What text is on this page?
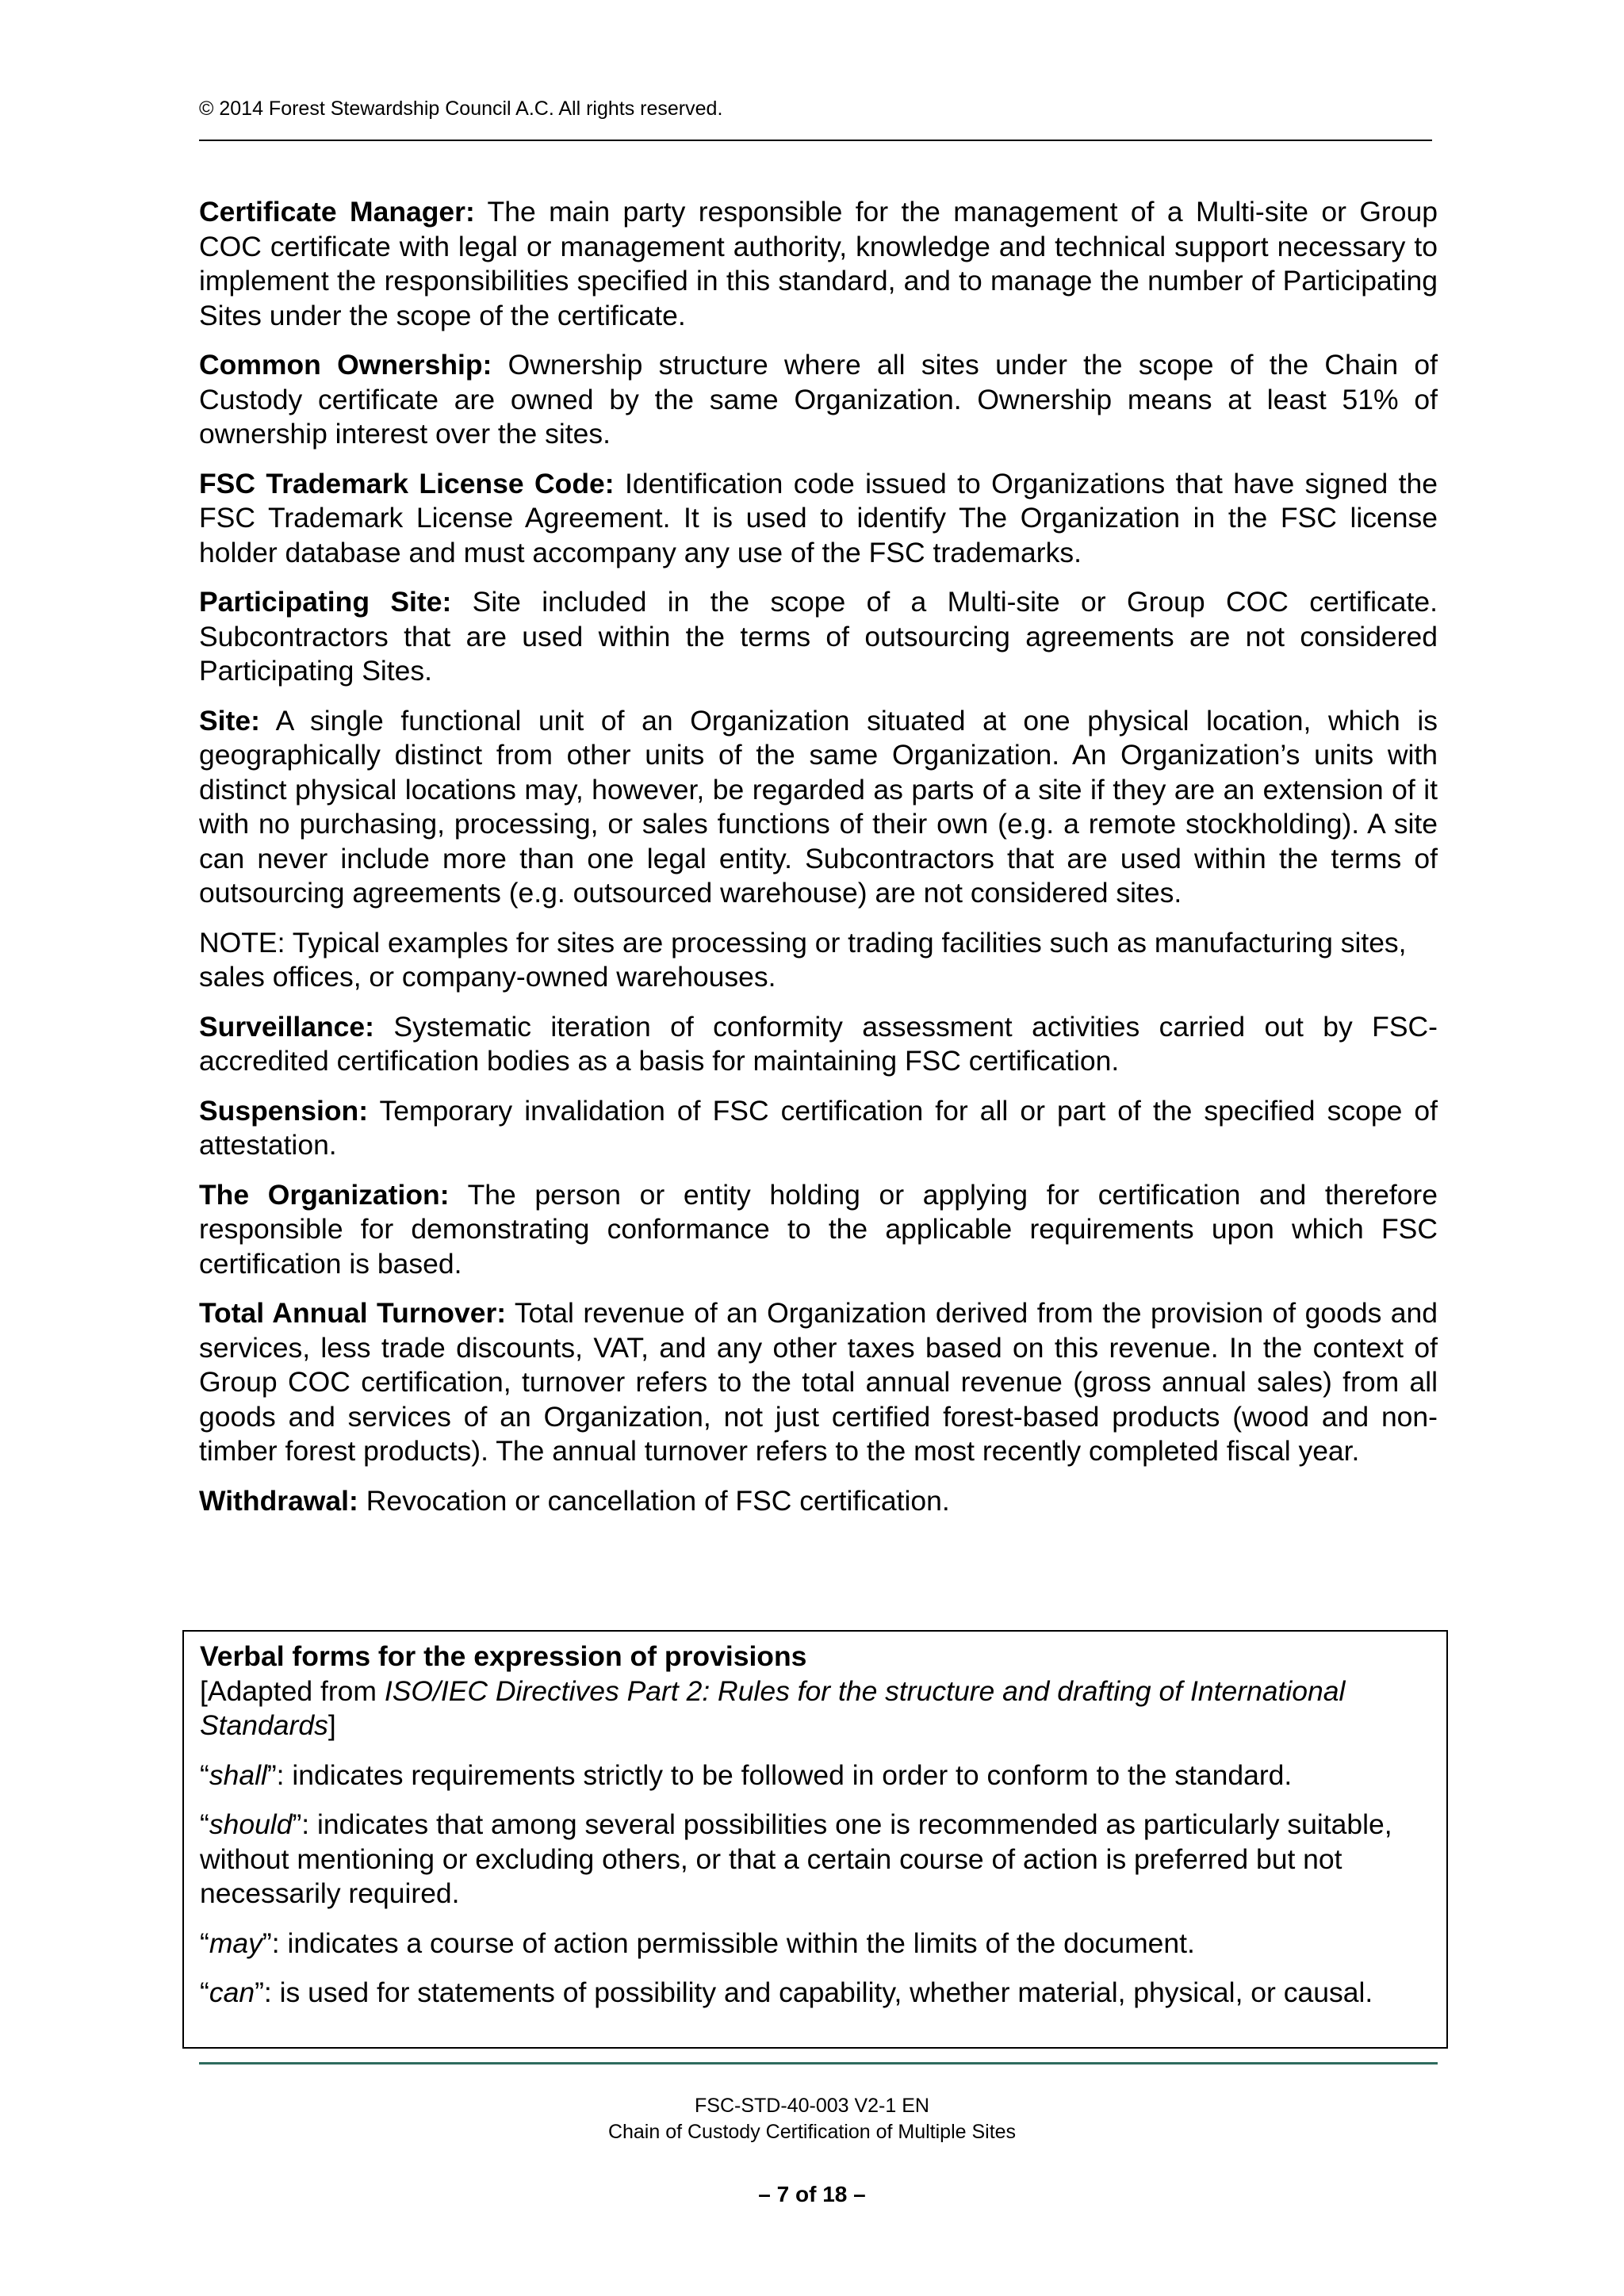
© 2014 Forest Stewardship Council A.C. All rights reserved.

Certificate Manager: The main party responsible for the management of a Multi-site or Group COC certificate with legal or management authority, knowledge and technical support necessary to implement the responsibilities specified in this standard, and to manage the number of Participating Sites under the scope of the certificate.

Common Ownership: Ownership structure where all sites under the scope of the Chain of Custody certificate are owned by the same Organization. Ownership means at least 51% of ownership interest over the sites.

FSC Trademark License Code: Identification code issued to Organizations that have signed the FSC Trademark License Agreement. It is used to identify The Organization in the FSC license holder database and must accompany any use of the FSC trademarks.

Participating Site: Site included in the scope of a Multi-site or Group COC certificate. Subcontractors that are used within the terms of outsourcing agreements are not considered Participating Sites.

Site: A single functional unit of an Organization situated at one physical location, which is geographically distinct from other units of the same Organization. An Organization’s units with distinct physical locations may, however, be regarded as parts of a site if they are an extension of it with no purchasing, processing, or sales functions of their own (e.g. a remote stockholding). A site can never include more than one legal entity. Subcontractors that are used within the terms of outsourcing agreements (e.g. outsourced warehouse) are not considered sites.

NOTE: Typical examples for sites are processing or trading facilities such as manufacturing sites, sales offices, or company-owned warehouses.

Surveillance: Systematic iteration of conformity assessment activities carried out by FSC-accredited certification bodies as a basis for maintaining FSC certification.

Suspension: Temporary invalidation of FSC certification for all or part of the specified scope of attestation.

The Organization: The person or entity holding or applying for certification and therefore responsible for demonstrating conformance to the applicable requirements upon which FSC certification is based.

Total Annual Turnover: Total revenue of an Organization derived from the provision of goods and services, less trade discounts, VAT, and any other taxes based on this revenue. In the context of Group COC certification, turnover refers to the total annual revenue (gross annual sales) from all goods and services of an Organization, not just certified forest-based products (wood and non-timber forest products). The annual turnover refers to the most recently completed fiscal year.

Withdrawal: Revocation or cancellation of FSC certification.

Verbal forms for the expression of provisions

[Adapted from ISO/IEC Directives Part 2: Rules for the structure and drafting of International Standards]

“shall”: indicates requirements strictly to be followed in order to conform to the standard.

“should”: indicates that among several possibilities one is recommended as particularly suitable, without mentioning or excluding others, or that a certain course of action is preferred but not necessarily required.

“may”: indicates a course of action permissible within the limits of the document.

“can”: is used for statements of possibility and capability, whether material, physical, or causal.

FSC-STD-40-003 V2-1 EN
Chain of Custody Certification of Multiple Sites
– 7 of 18 –
